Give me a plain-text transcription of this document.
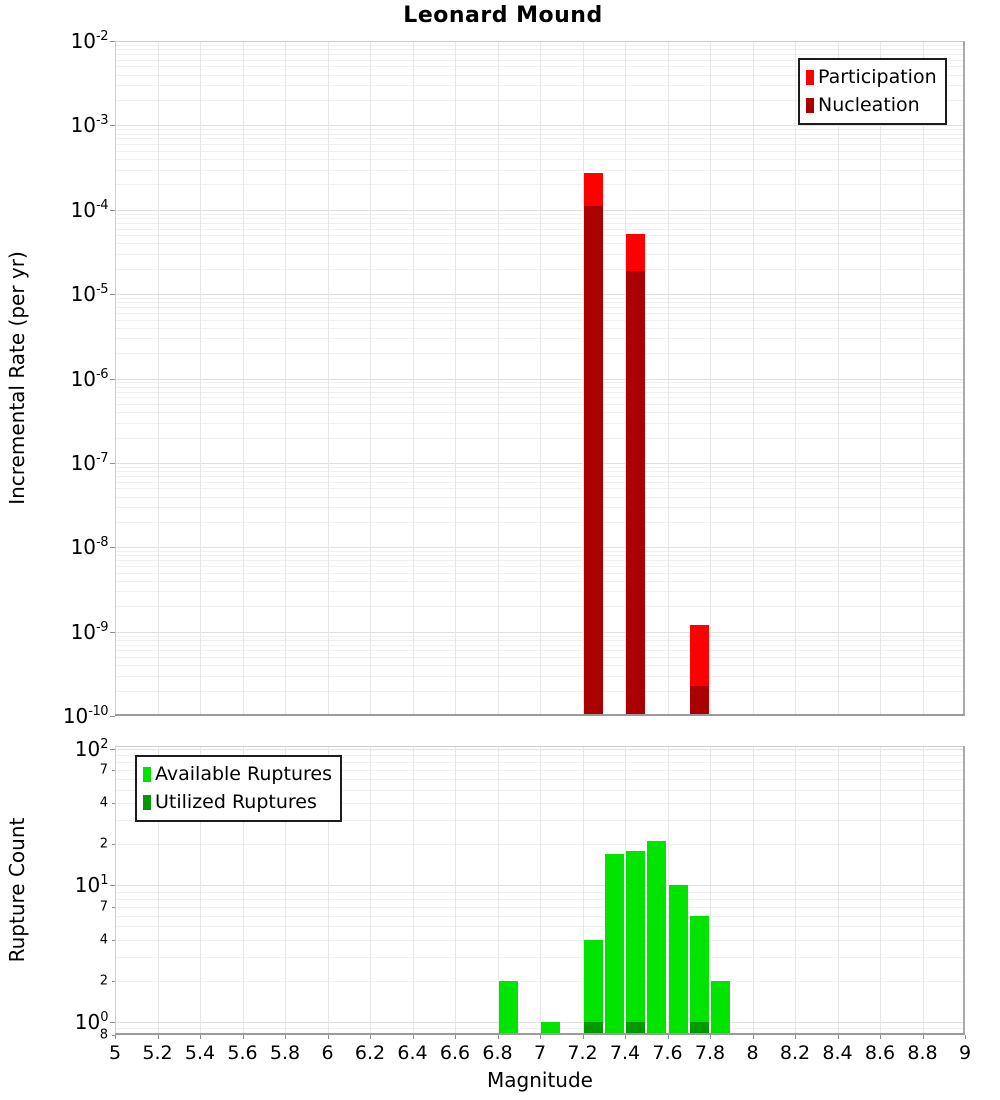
Leonard Mound
Incremental Rate (per yr)
Rupture Count
Magnitude
Participation
Nucleation
Available Ruptures
Utilized Ruptures
$10^{-2}$
$10^{-3}$
$10^{-4}$
$10^{-5}$
$10^{-6}$
$10^{-7}$
$10^{-8}$
$10^{-9}$
$10^{-10}$
$10^2$
$10^1$
$10^0$
7
4
2
7
4
2
8
5 5.2 5.4 5.6 5.8 6 6.2 6.4 6.6 6.8 7 7.2 7.4 7.6 7.8 8 8.2 8.4 8.6 8.8 9
